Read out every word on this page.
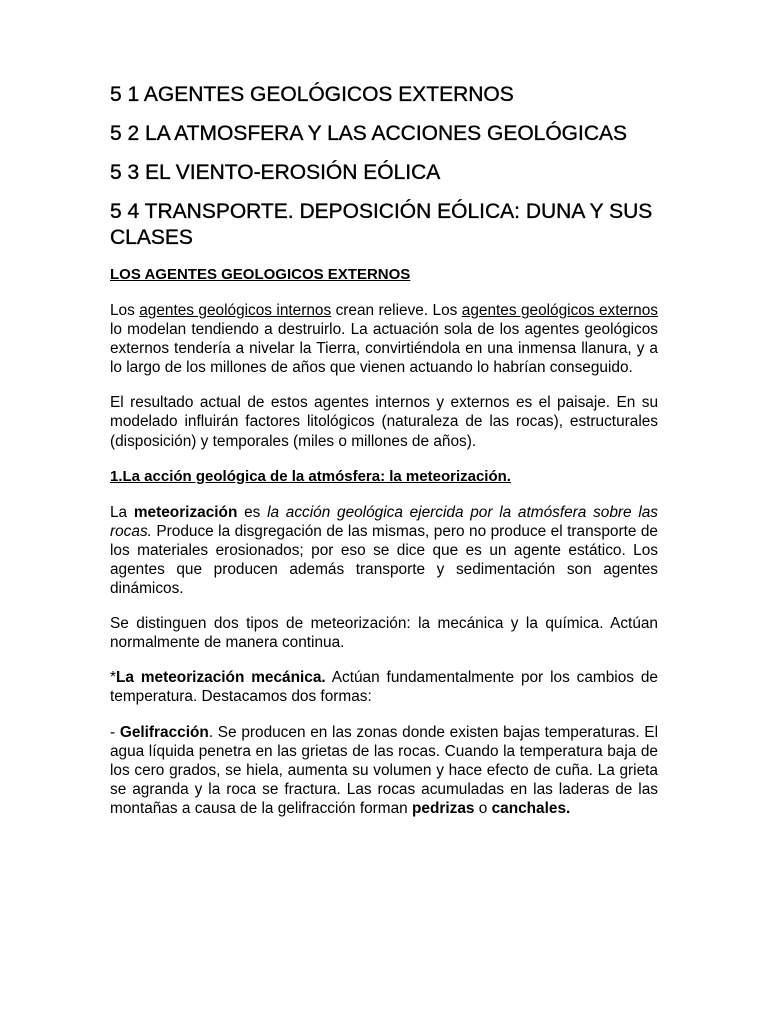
5 1 AGENTES GEOLÓGICOS EXTERNOS
5 2 LA ATMOSFERA Y LAS ACCIONES GEOLÓGICAS
5 3 EL VIENTO-EROSIÓN EÓLICA
5 4 TRANSPORTE. DEPOSICIÓN EÓLICA: DUNA Y SUS CLASES
LOS AGENTES GEOLOGICOS EXTERNOS

Los agentes geológicos internos crean relieve. Los agentes geológicos externos lo modelan tendiendo a destruirlo. La actuación sola de los agentes geológicos externos tendería a nivelar la Tierra, convirtiéndola en una inmensa llanura, y a lo largo de los millones de años que vienen actuando lo habrían conseguido.

El resultado actual de estos agentes internos y externos es el paisaje. En su modelado influirán factores litológicos (naturaleza de las rocas), estructurales (disposición) y temporales (miles o millones de años).

1.La acción geológica de la atmósfera: la meteorización.

La meteorización es la acción geológica ejercida por la atmósfera sobre las rocas. Produce la disgregación de las mismas, pero no produce el transporte de los materiales erosionados; por eso se dice que es un agente estático. Los agentes que producen además transporte y sedimentación son agentes dinámicos.

Se distinguen dos tipos de meteorización: la mecánica y la química. Actúan normalmente de manera continua.

*La meteorización mecánica. Actúan fundamentalmente por los cambios de temperatura. Destacamos dos formas:

- Gelifracción. Se producen en las zonas donde existen bajas temperaturas. El agua líquida penetra en las grietas de las rocas. Cuando la temperatura baja de los cero grados, se hiela, aumenta su volumen y hace efecto de cuña. La grieta se agranda y la roca se fractura. Las rocas acumuladas en las laderas de las montañas a causa de la gelifracción forman pedrizas o canchales.
